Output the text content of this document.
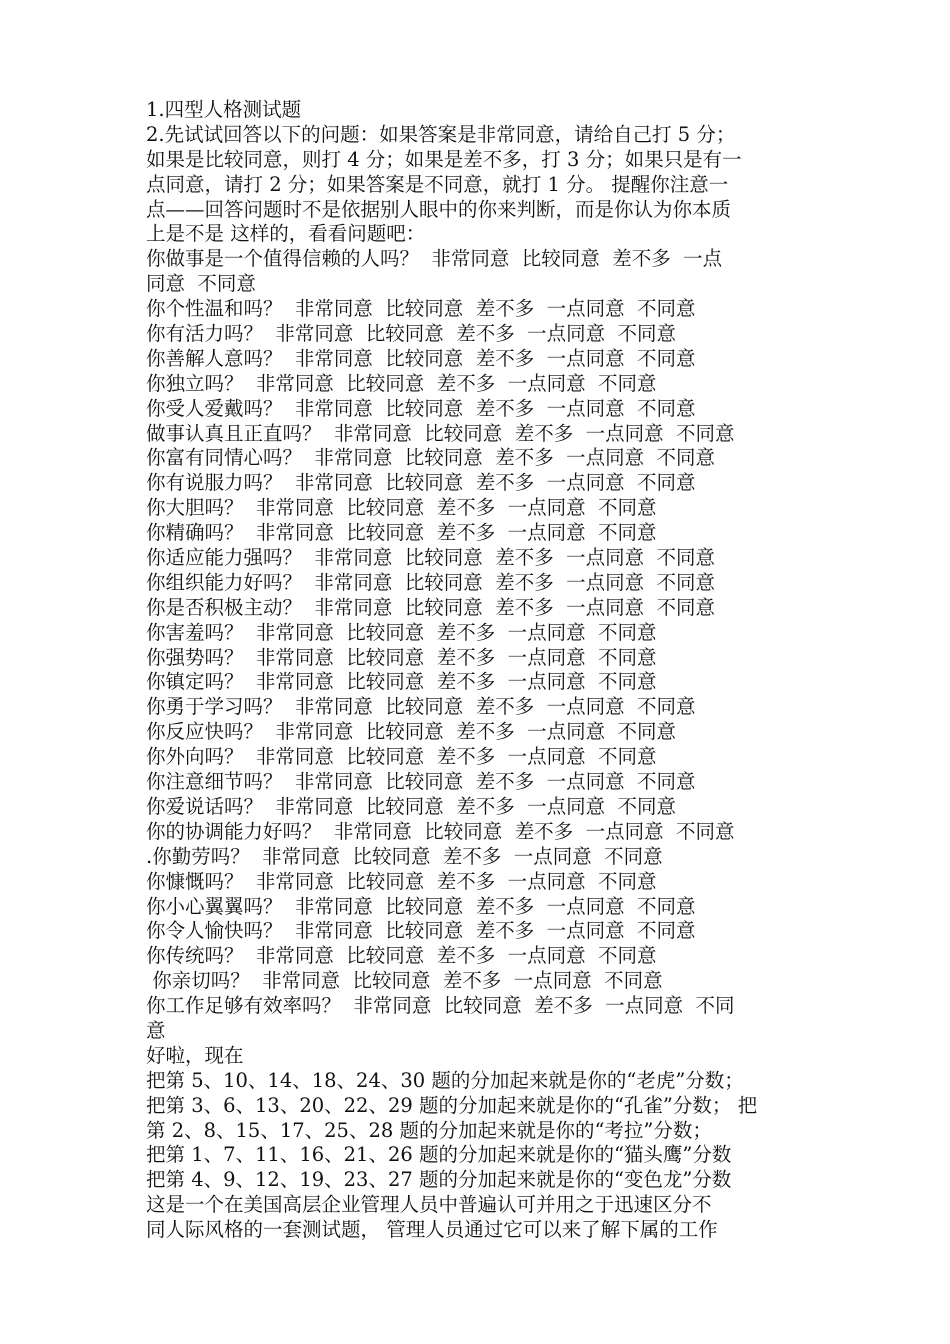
1.四型人格测试题
2.先试试回答以下的问题：如果答案是非常同意，请给自己打 5 分；
如果是比较同意，则打 4 分；如果是差不多，打 3 分；如果只是有一
点同意，请打 2 分；如果答案是不同意，就打 1 分。 提醒你注意一
点——回答问题时不是依据别人眼中的你来判断，而是你认为你本质
上是不是 这样的，看看问题吧：
你做事是一个值得信赖的人吗？  非常同意  比较同意  差不多  一点
同意  不同意
你个性温和吗？  非常同意  比较同意  差不多  一点同意  不同意
你有活力吗？  非常同意  比较同意  差不多  一点同意  不同意
你善解人意吗？  非常同意  比较同意  差不多  一点同意  不同意
你独立吗？  非常同意  比较同意  差不多  一点同意  不同意
你受人爱戴吗？  非常同意  比较同意  差不多  一点同意  不同意
做事认真且正直吗？  非常同意  比较同意  差不多  一点同意  不同意
你富有同情心吗？  非常同意  比较同意  差不多  一点同意  不同意
你有说服力吗？  非常同意  比较同意  差不多  一点同意  不同意
你大胆吗？  非常同意  比较同意  差不多  一点同意  不同意
你精确吗？  非常同意  比较同意  差不多  一点同意  不同意
你适应能力强吗？  非常同意  比较同意  差不多  一点同意  不同意
你组织能力好吗？  非常同意  比较同意  差不多  一点同意  不同意
你是否积极主动？  非常同意  比较同意  差不多  一点同意  不同意
你害羞吗？  非常同意  比较同意  差不多  一点同意  不同意
你强势吗？  非常同意  比较同意  差不多  一点同意  不同意
你镇定吗？  非常同意  比较同意  差不多  一点同意  不同意
你勇于学习吗？  非常同意  比较同意  差不多  一点同意  不同意
你反应快吗？  非常同意  比较同意  差不多  一点同意  不同意
你外向吗？  非常同意  比较同意  差不多  一点同意  不同意
你注意细节吗？  非常同意  比较同意  差不多  一点同意  不同意
你爱说话吗？  非常同意  比较同意  差不多  一点同意  不同意
你的协调能力好吗？  非常同意  比较同意  差不多  一点同意  不同意
.你勤劳吗？  非常同意  比较同意  差不多  一点同意  不同意
你慷慨吗？  非常同意  比较同意  差不多  一点同意  不同意
你小心翼翼吗？  非常同意  比较同意  差不多  一点同意  不同意
你令人愉快吗？  非常同意  比较同意  差不多  一点同意  不同意
你传统吗？  非常同意  比较同意  差不多  一点同意  不同意
你亲切吗？  非常同意  比较同意  差不多  一点同意  不同意
你工作足够有效率吗？  非常同意  比较同意  差不多  一点同意  不同
意
好啦，现在
把第 5、10、14、18、24、30 题的分加起来就是你的“老虎”分数；
把第 3、6、13、20、22、29 题的分加起来就是你的“孔雀”分数； 把
第 2、8、15、17、25、28 题的分加起来就是你的“考拉”分数；
把第 1、7、11、16、21、26 题的分加起来就是你的“猫头鹰”分数
把第 4、9、12、19、23、27 题的分加起来就是你的“变色龙”分数
这是一个在美国高层企业管理人员中普遍认可并用之于迅速区分不
同人际风格的一套测试题， 管理人员通过它可以来了解下属的工作
